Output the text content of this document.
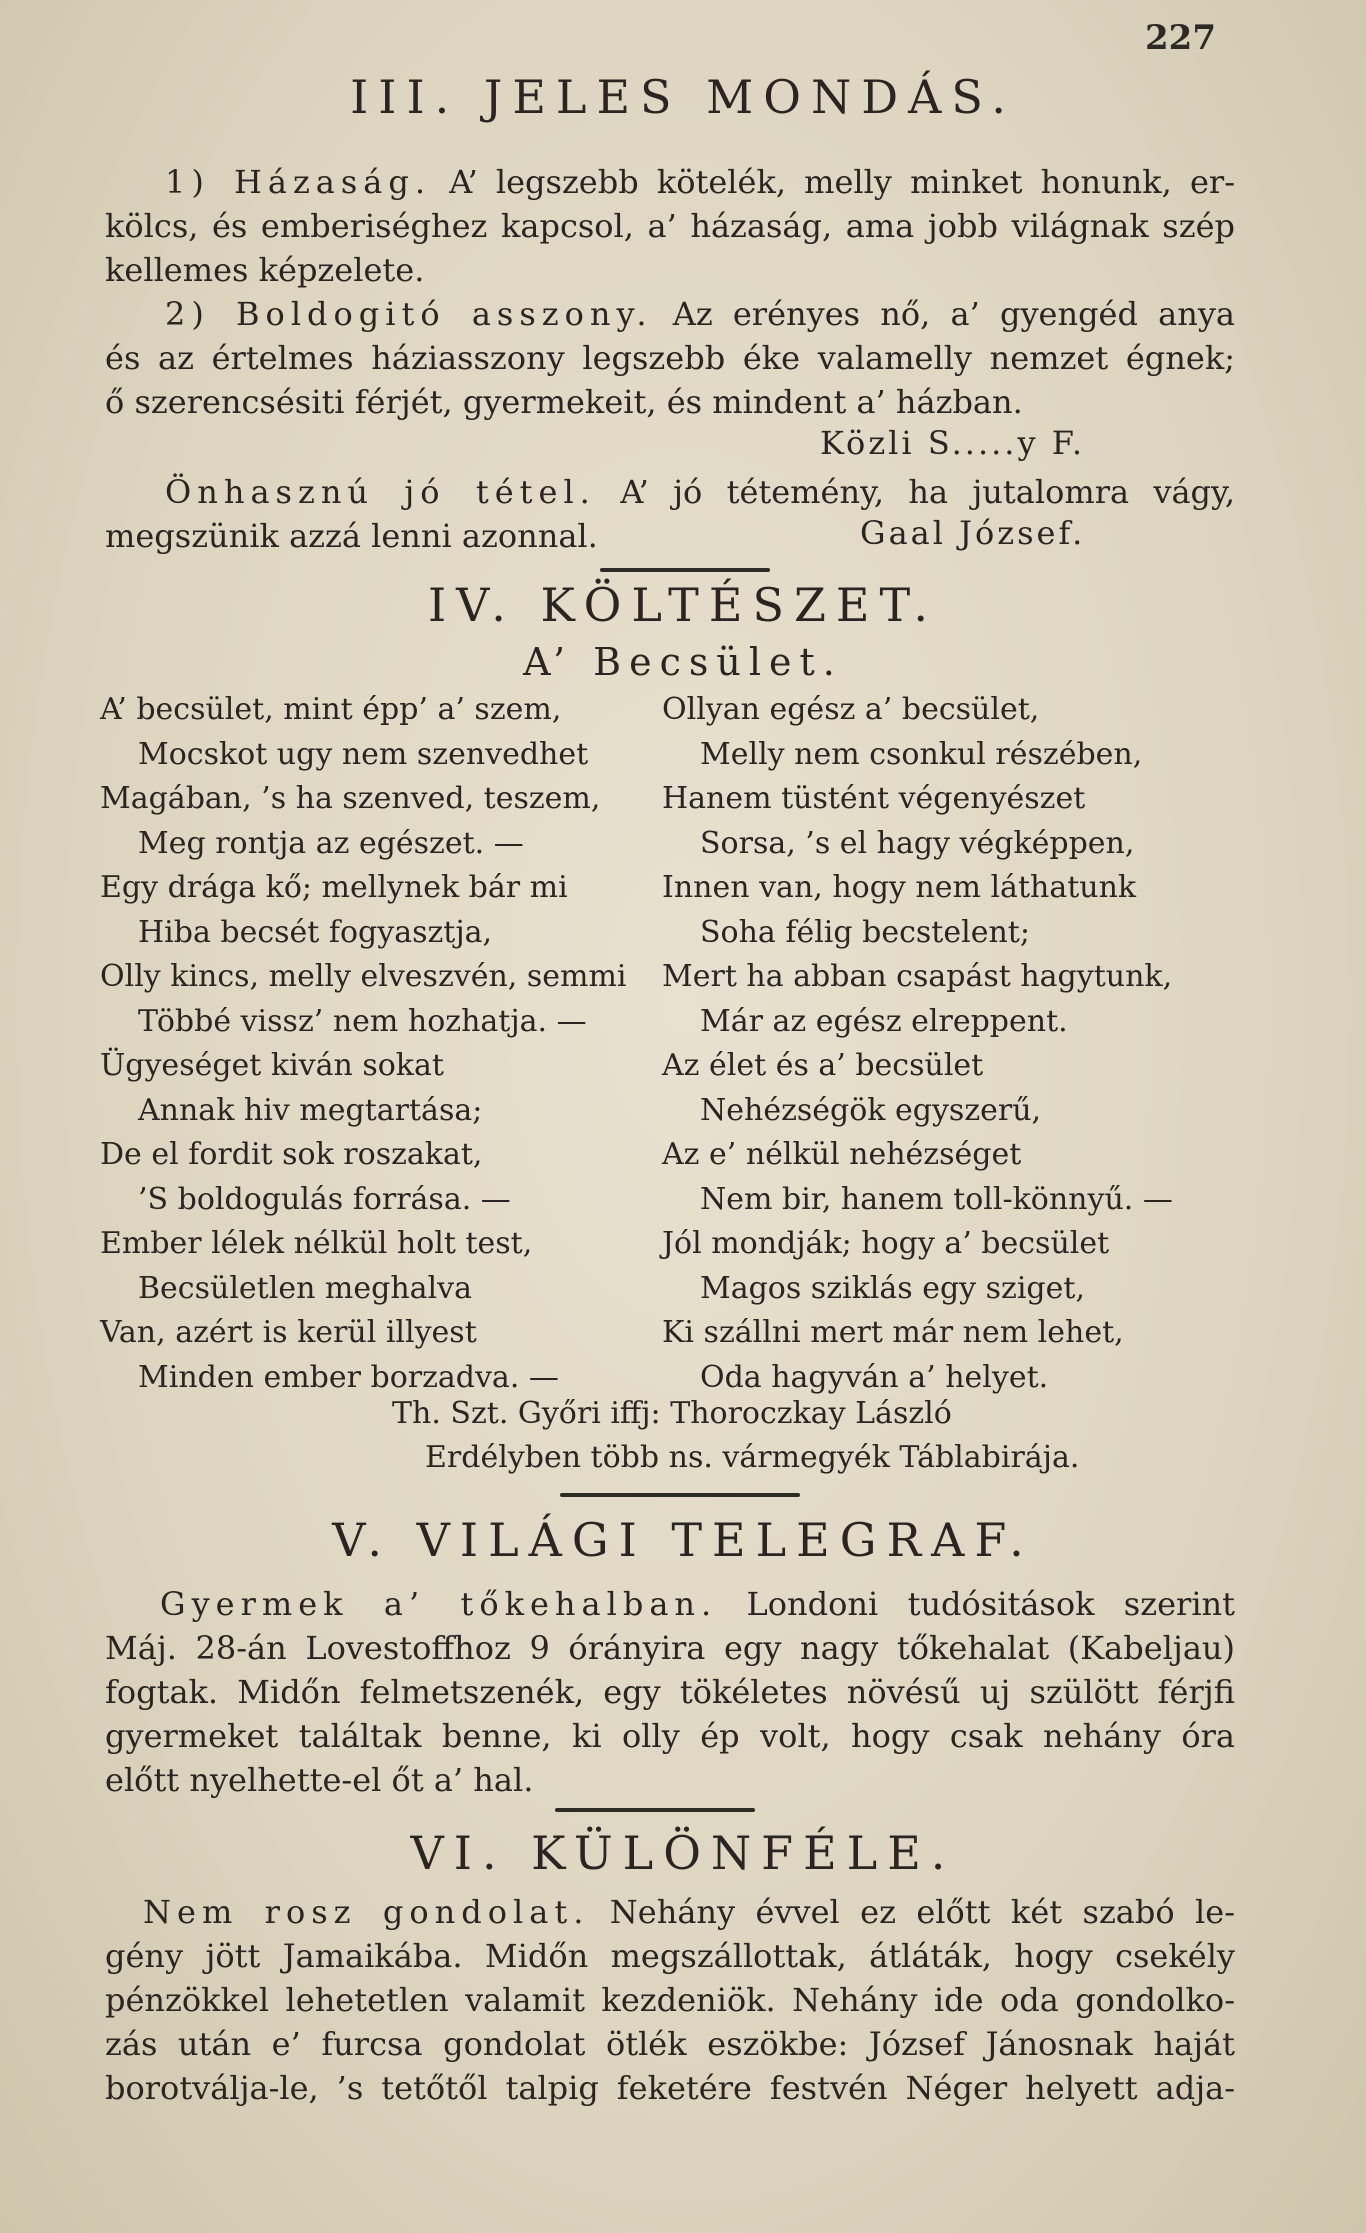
227
III. JELES MONDÁS.
1) Házaság. A’ legszebb kötelék, melly minket honunk, er-
kölcs, és emberiséghez kapcsol, a’ házaság, ama jobb világnak szép
kellemes képzelete.
2) Boldogitó asszony. Az erényes nő, a’ gyengéd anya
és az értelmes háziasszony legszebb éke valamelly nemzet égnek;
ő szerencsésiti férjét, gyermekeit, és mindent a’ házban.
Közli S.....y F.
Önhasznú jó tétel. A’ jó tétemény, ha jutalomra vágy,
megszünik azzá lenni azonnal.	Gaal József.
IV. KÖLTÉSZET.
A’ Becsület.
A’ becsület, mint épp’ a’ szem,
Mocskot ugy nem szenvedhet
Magában, ’s ha szenved, teszem,
Meg rontja az egészet. —
Egy drága kő; mellynek bár mi
Hiba becsét fogyasztja,
Olly kincs, melly elveszvén, semmi
Többé vissz’ nem hozhatja. —
Ügyeséget kiván sokat
Annak hiv megtartása;
De el fordit sok roszakat,
’S boldogulás forrása. —
Ember lélek nélkül holt test,
Becsületlen meghalva
Van, azért is kerül illyest
Minden ember borzadva. —
Ollyan egész a’ becsület,
Melly nem csonkul részében,
Hanem tüstént végenyészet
Sorsa, ’s el hagy végképpen,
Innen van, hogy nem láthatunk
Soha félig becstelent;
Mert ha abban csapást hagytunk,
Már az egész elreppent.
Az élet és a’ becsület
Nehézségök egyszerű,
Az e’ nélkül nehézséget
Nem bir, hanem toll-könnyű. —
Jól mondják; hogy a’ becsület
Magos sziklás egy sziget,
Ki szállni mert már nem lehet,
Oda hagyván a’ helyet.
Th. Szt. Győri iffj: Thoroczkay László
Erdélyben több ns. vármegyék Táblabirája.
V. VILÁGI TELEGRAF.
Gyermek a’ tőkehalban. Londoni tudósitások szerint
Máj. 28-án Lovestoffhoz 9 órányira egy nagy tőkehalat (Kabeljau)
fogtak. Midőn felmetszenék, egy tökéletes növésű uj szülött férjfi
gyermeket találtak benne, ki olly ép volt, hogy csak nehány óra
előtt nyelhette-el őt a’ hal.
VI. KÜLÖNFÉLE.
Nem rosz gondolat. Nehány évvel ez előtt két szabó le-
gény jött Jamaikába. Midőn megszállottak, átláták, hogy csekély
pénzökkel lehetetlen valamit kezdeniök. Nehány ide oda gondolko-
zás után e’ furcsa gondolat ötlék eszökbe: József Jánosnak haját
borotválja-le, ’s tetőtől talpig feketére festvén Néger helyett adja-
